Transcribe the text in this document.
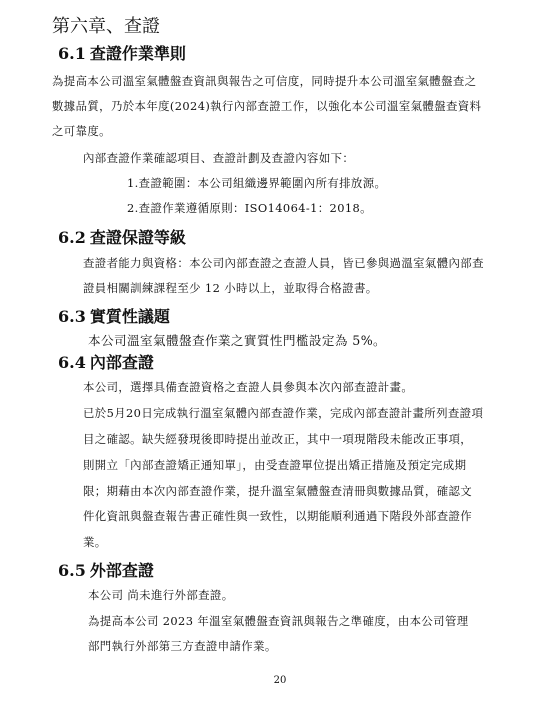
第六章、查證
6.1 查證作業準則
為提高本公司溫室氣體盤查資訊與報告之可信度，同時提升本公司溫室氣體盤查之
數據品質，乃於本年度(2024)執行內部查證工作，以強化本公司溫室氣體盤查資料
之可靠度。
內部查證作業確認項目、查證計劃及查證內容如下：
1.查證範圍：本公司組織邊界範圍內所有排放源。
2.查證作業遵循原則：ISO14064-1：2018。
6.2 查證保證等級
查證者能力與資格：本公司內部查證之查證人員，皆已參與過溫室氣體內部查
證員相關訓練課程至少 12 小時以上，並取得合格證書。
6.3 實質性議題
本公司溫室氣體盤查作業之實質性門檻設定為 5%。
6.4 內部查證
本公司，選擇具備查證資格之查證人員參與本次內部查證計畫。
已於5月20日完成執行溫室氣體內部查證作業，完成內部查證計畫所列查證項
目之確認。缺失經發現後即時提出並改正，其中一項現階段未能改正事項，
則開立「內部查證矯正通知單」，由受查證單位提出矯正措施及預定完成期
限；期藉由本次內部查證作業，提升溫室氣體盤查清冊與數據品質，確認文
件化資訊與盤查報告書正確性與一致性，以期能順利通過下階段外部查證作
業。
6.5 外部查證
本公司 尚未進行外部查證。
為提高本公司 2023 年溫室氣體盤查資訊與報告之準確度，由本公司管理
部門執行外部第三方查證申請作業。
20
